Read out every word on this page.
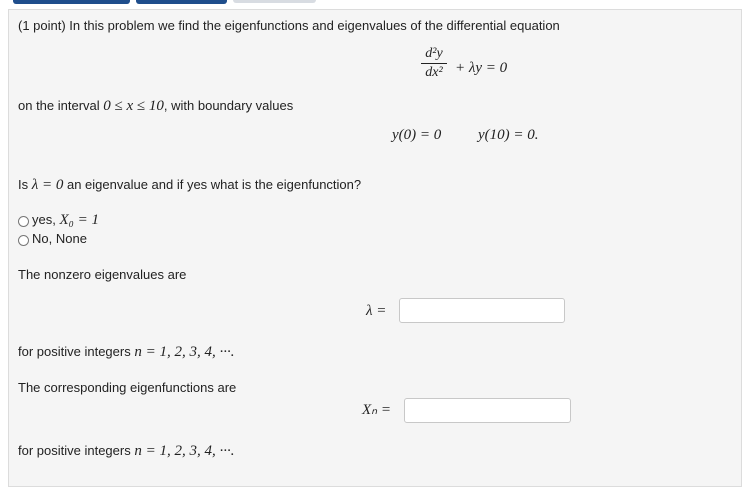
(1 point) In this problem we find the eigenfunctions and eigenvalues of the differential equation
d²y
dx² + λy = 0
on the interval 0 ≤ x ≤ 10, with boundary values
y(0) = 0 y(10) = 0.
Is λ = 0 an eigenvalue and if yes what is the eigenfunction?
yes, X₀ = 1
No, None
The nonzero eigenvalues are
λ =
for positive integers n = 1, 2, 3, 4, ···.
The corresponding eigenfunctions are
Xₙ =
for positive integers n = 1, 2, 3, 4, ···.
